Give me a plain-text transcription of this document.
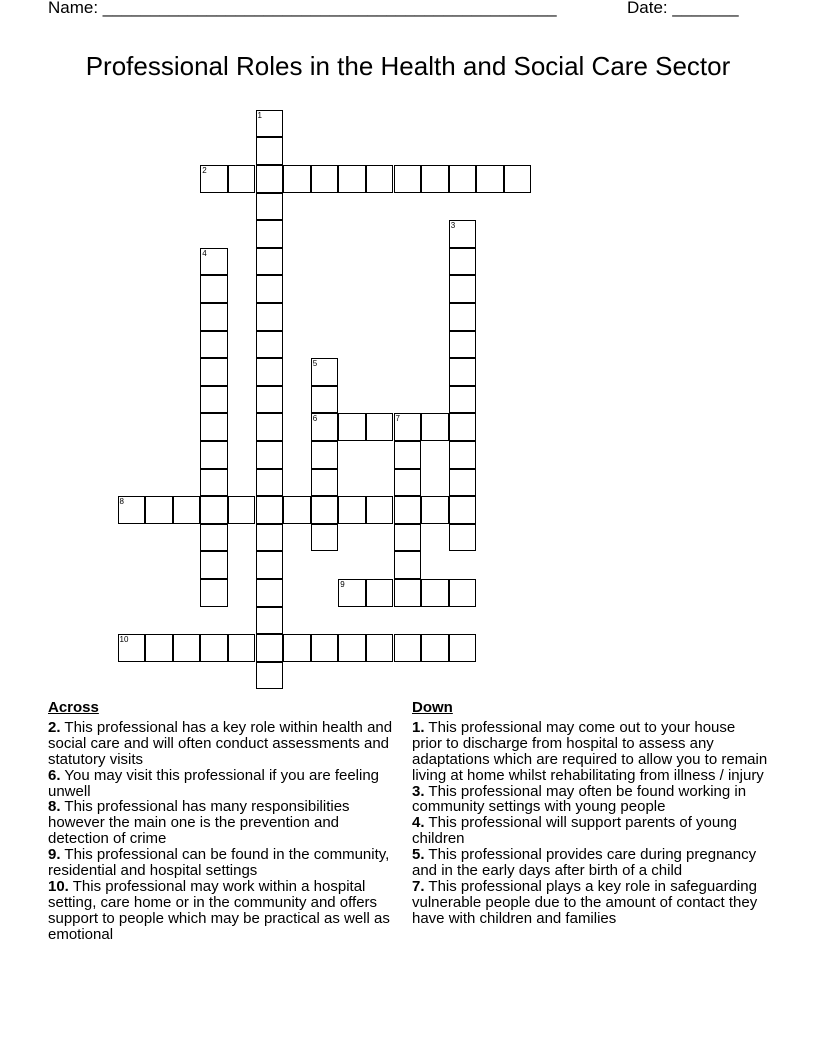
Name: ________________________________________________	Date: _______
Professional Roles in the Health and Social Care Sector
1
2
3
4
5
6	7
8
9
10
Across
2. This professional has a key role within health and social care and will often conduct assessments and statutory visits
6. You may visit this professional if you are feeling unwell
8. This professional has many responsibilities however the main one is the prevention and detection of crime
9. This professional can be found in the community, residential and hospital settings
10. This professional may work within a hospital setting, care home or in the community and offers support to people which may be practical as well as emotional
Down
1. This professional may come out to your house prior to discharge from hospital to assess any adaptations which are required to allow you to remain living at home whilst rehabilitating from illness / injury
3. This professional may often be found working in community settings with young people
4. This professional will support parents of young children
5. This professional provides care during pregnancy and in the early days after birth of a child
7. This professional plays a key role in safeguarding vulnerable people due to the amount of contact they have with children and families
